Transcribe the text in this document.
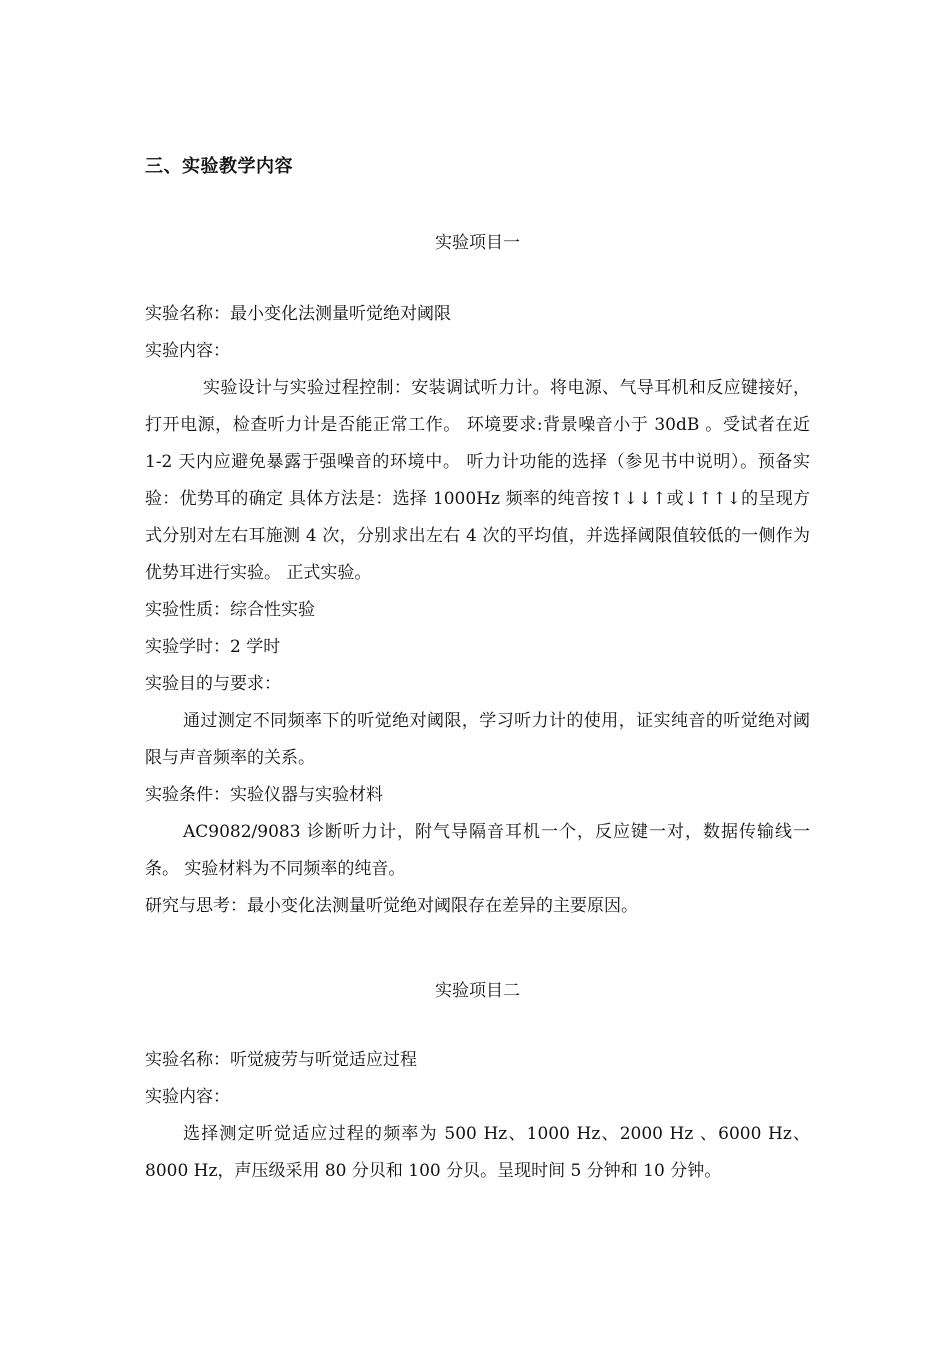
三、实验教学内容

实验项目一

实验名称：最小变化法测量听觉绝对阈限

实验内容：

实验设计与实验过程控制：安装调试听力计。将电源、气导耳机和反应键接好，打开电源，检查听力计是否能正常工作。 环境要求:背景噪音小于 30dB 。受试者在近 1-2 天内应避免暴露于强噪音的环境中。 听力计功能的选择（参见书中说明）。预备实验：优势耳的确定 具体方法是：选择 1000Hz 频率的纯音按↑↓↓↑或↓↑↑↓的呈现方式分别对左右耳施测 4 次，分别求出左右 4 次的平均值，并选择阈限值较低的一侧作为优势耳进行实验。 正式实验。

实验性质：综合性实验

实验学时：2 学时

实验目的与要求：

通过测定不同频率下的听觉绝对阈限，学习听力计的使用，证实纯音的听觉绝对阈限与声音频率的关系。

实验条件：实验仪器与实验材料

AC9082/9083 诊断听力计，附气导隔音耳机一个，反应键一对，数据传输线一条。 实验材料为不同频率的纯音。

研究与思考：最小变化法测量听觉绝对阈限存在差异的主要原因。

实验项目二

实验名称：听觉疲劳与听觉适应过程

实验内容：

选择测定听觉适应过程的频率为 500 Hz、1000 Hz、2000 Hz 、6000 Hz、8000 Hz，声压级采用 80 分贝和 100 分贝。呈现时间 5 分钟和 10 分钟。
